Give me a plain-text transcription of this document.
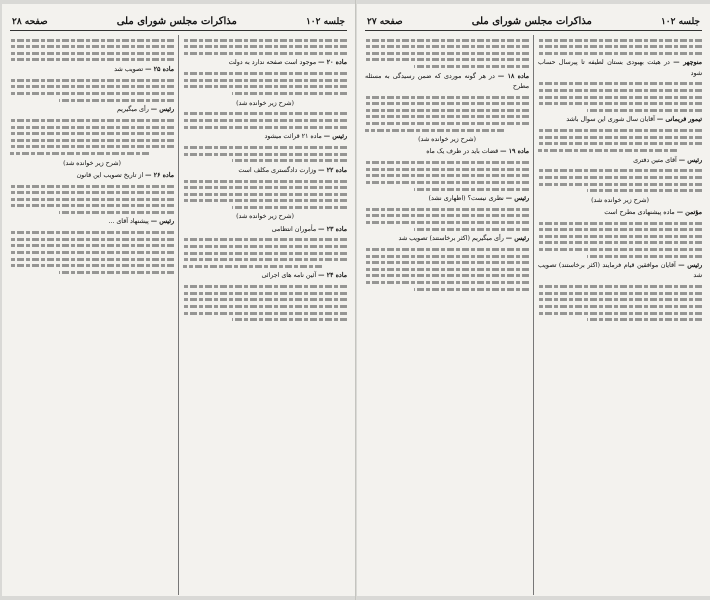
صفحه ۲۸	مذاکرات مجلس شورای ملی	جلسه ۱۰۲

ماده ۲۰ — موجود است صفحه ندارد به دولت

(شرح زیر خوانده شد)

رئیس — ماده ۲۱ قرائت میشود

ماده ۲۲ — وزارت دادگستری مکلف است

(شرح زیر خوانده شد)

ماده ۲۳ — مأموران انتظامی

ماده ۲۴ — آئین نامه های اجرائی

ماده ۲۵ — تصویب شد

رئیس — رأی میگیریم

(شرح زیر خوانده شد)

ماده ۲۶ — از تاریخ تصویب این قانون

رئیس — پیشنهاد آقای ...

صفحه ۲۷	مذاکرات مجلس شورای ملی	جلسه ۱۰۲

منوچهر — در هیئت بهبودی بستان لطیفه تا پیرسال حساب شود

تیمور فریمانی — آقایان سال شوری این سوال باشد

رئیس — آقای متین دفتری

(شرح زیر خوانده شد)

مؤتمن — ماده پیشنهادی مطرح است

رئیس — آقایان موافقین قیام فرمایند (اکثر برخاستند) تصویب شد

ماده ۱۸ — در هر گونه موردی که ضمن رسیدگی به مسئله مطرح

(شرح زیر خوانده شد)

ماده ۱۹ — قضات باید در ظرف یک ماه

رئیس — نظری نیست؟ (اظهاری نشد)

رئیس — رأی میگیریم (اکثر برخاستند) تصویب شد
